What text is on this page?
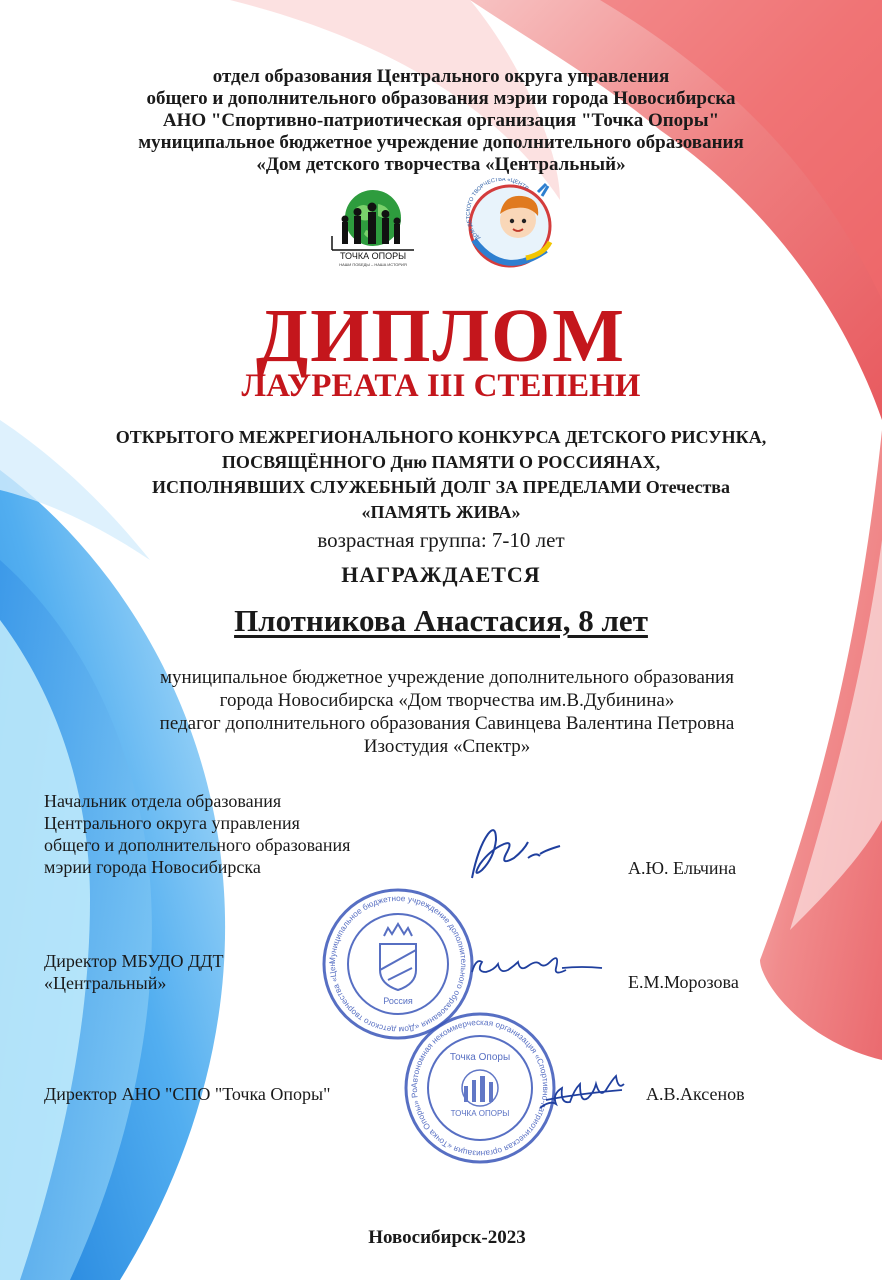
отдел образования Центрального округа управления
общего и дополнительного образования мэрии города Новосибирска
АНО "Спортивно-патриотическая организация "Точка Опоры"
муниципальное бюджетное учреждение дополнительного образования
«Дом детского творчества «Центральный»
ТОЧКА ОПОРЫ
НАШИ ПОБЕДЫ – НАША ИСТОРИЯ
ДОМ ДЕТСКОГО ТВОРЧЕСТВА «ЦЕНТР
ДИПЛОМ
ЛАУРЕАТА III СТЕПЕНИ
ОТКРЫТОГО МЕЖРЕГИОНАЛЬНОГО КОНКУРСА ДЕТСКОГО РИСУНКА,
ПОСВЯЩЁННОГО Дню ПАМЯТИ О РОССИЯНАХ,
ИСПОЛНЯВШИХ СЛУЖЕБНЫЙ ДОЛГ ЗА ПРЕДЕЛАМИ Отечества
«ПАМЯТЬ ЖИВА»
возрастная группа: 7-10 лет
НАГРАЖДАЕТСЯ
Плотникова Анастасия, 8 лет
муниципальное бюджетное учреждение дополнительного образования
города Новосибирска «Дом творчества им.В.Дубинина»
педагог дополнительного образования Савинцева Валентина Петровна
Изостудия «Спектр»
Муниципальное бюджетное учреждение дополнительного образования «Дом детского творчества «Цен
Россия
Автономная некоммерческая организация «Спортивно-патриотическая организация «Точка Опоры» Ро
Точка Опоры
ТОЧКА ОПОРЫ
Начальник отдела образования
Центрального округа управления
общего и дополнительного образования
мэрии города Новосибирска	А.Ю. Ельчина
Директор МБУДО ДДТ
«Центральный»	Е.М.Морозова
Директор АНО "СПО "Точка Опоры"	А.В.Аксенов
Новосибирск-2023
